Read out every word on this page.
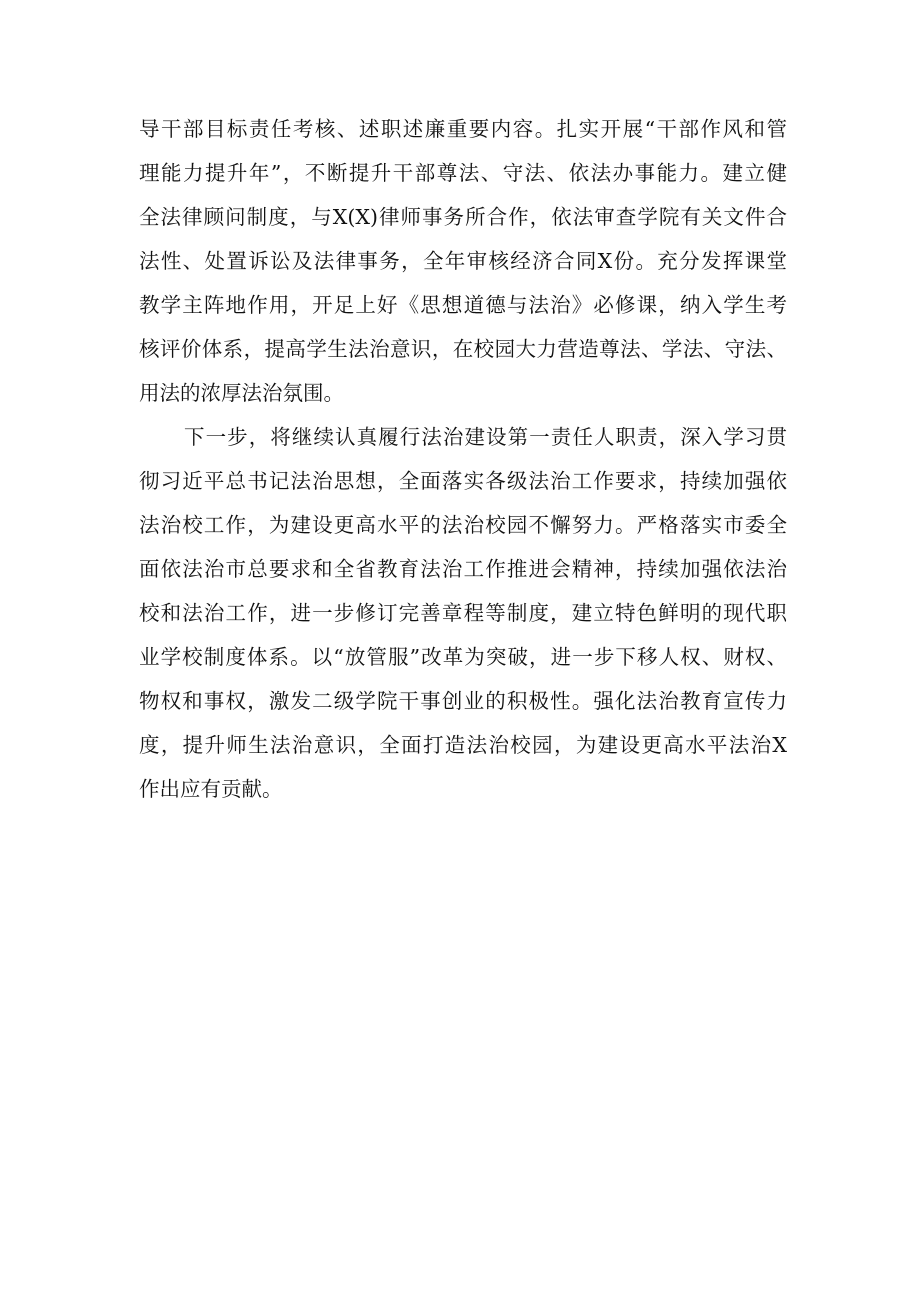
导干部目标责任考核、述职述廉重要内容。扎实开展“干部作风和管
理能力提升年”，不断提升干部尊法、守法、依法办事能力。建立健
全法律顾问制度，与X(X)律师事务所合作，依法审查学院有关文件合
法性、处置诉讼及法律事务，全年审核经济合同X份。充分发挥课堂
教学主阵地作用，开足上好《思想道德与法治》必修课，纳入学生考
核评价体系，提高学生法治意识，在校园大力营造尊法、学法、守法、
用法的浓厚法治氛围。
下一步，将继续认真履行法治建设第一责任人职责，深入学习贯
彻习近平总书记法治思想，全面落实各级法治工作要求，持续加强依
法治校工作，为建设更高水平的法治校园不懈努力。严格落实市委全
面依法治市总要求和全省教育法治工作推进会精神，持续加强依法治
校和法治工作，进一步修订完善章程等制度，建立特色鲜明的现代职
业学校制度体系。以“放管服”改革为突破，进一步下移人权、财权、
物权和事权，激发二级学院干事创业的积极性。强化法治教育宣传力
度，提升师生法治意识，全面打造法治校园，为建设更高水平法治X
作出应有贡献。
